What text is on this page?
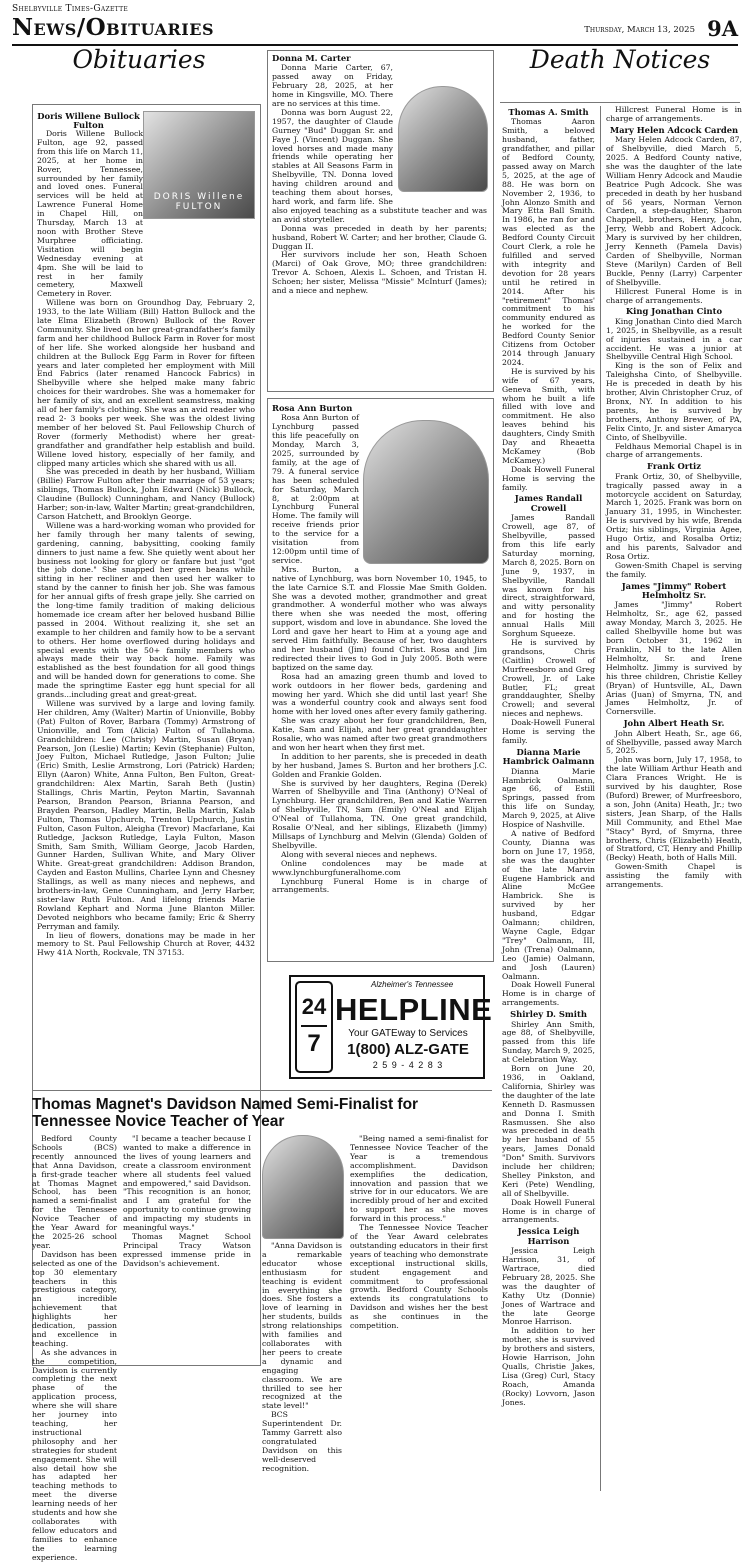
Shelbyville Times-Gazette
News/Obituaries	Thursday, March 13, 2025 9A
Obituaries
DORIS Willene FULTON
Doris Willene Bullock Fulton

Doris Willene Bullock Fulton, age 92, passed from this life on March 11, 2025, at her home in Rover, Tennessee, surrounded by her family and loved ones. Funeral services will be held at Lawrence Funeral Home in Chapel Hill, on Thursday, March 13 at noon with Brother Steve Murphree officiating. Visitation will begin Wednesday evening at 4pm. She will be laid to rest in her family cemetery, Maxwell Cemetery in Rover.

Willene was born on Groundhog Day, February 2, 1933, to the late William (Bill) Hatton Bullock and the late Elma Elizabeth (Brown) Bullock of the Rover Community. She lived on her great-grandfather's family farm and her childhood Bullock Farm in Rover for most of her life. She worked alongside her husband and children at the Bullock Egg Farm in Rover for fifteen years and later completed her employment with Mill End Fabrics (later renamed Hancock Fabrics) in Shelbyville where she helped make many fabric choices for their wardrobes. She was a homemaker for her family of six, and an excellent seamstress, making all of her family's clothing. She was an avid reader who read 2- 3 books per week. She was the oldest living member of her beloved St. Paul Fellowship Church of Rover (formerly Methodist) where her great-grandfather and grandfather help establish and build. Willene loved history, especially of her family, and clipped many articles which she shared with us all.

She was preceded in death by her husband, William (Billie) Farrow Fulton after their marriage of 53 years; siblings, Thomas Bullock, John Edward (Nick) Bullock, Claudine (Bullock) Cunningham, and Nancy (Bullock) Harber; son-in-law, Walter Martin; great-grandchildren, Carson Hatchett, and Brooklyn George.

Willene was a hard-working woman who provided for her family through her many talents of sewing, gardening, canning, babysitting, cooking family dinners to just name a few. She quietly went about her business not looking for glory or fanfare but just "got the job done." She snapped her green beans while sitting in her recliner and then used her walker to stand by the canner to finish her job. She was famous for her annual gifts of fresh grape jelly. She carried on the long-time family tradition of making delicious homemade ice cream after her beloved husband Billie passed in 2004. Without realizing it, she set an example to her children and family how to be a servant to others. Her home overflowed during holidays and special events with the 50+ family members who always made their way back home. Family was established as the best foundation for all good things and will be handed down for generations to come. She made the springtime Easter egg hunt special for all grands...including great and great-great.

Willene was survived by a large and loving family. Her children, Amy (Walter) Martin of Unionville, Bobby (Pat) Fulton of Rover, Barbara (Tommy) Armstrong of Unionville, and Tom (Alicia) Fulton of Tullahoma. Grandchildren: Lee (Christy) Martin, Susan (Bryan) Pearson, Jon (Leslie) Martin; Kevin (Stephanie) Fulton, Joey Fulton, Michael Rutledge, Jason Fulton; Julie (Eric) Smith, Leslie Armstrong, Lori (Patrick) Harden; Ellyn (Aaron) White, Anna Fulton, Ben Fulton, Great-grandchildren: Alex Martin, Sarah Beth (Justin) Stallings, Chris Martin, Peyton Martin, Savannah Pearson, Brandon Pearson, Brianna Pearson, and Brayden Pearson, Hadley Martin, Bella Martin, Kalab Fulton, Thomas Upchurch, Trenton Upchurch, Justin Fulton, Cason Fulton, Aleigha (Trevor) Macfarlane, Kai Rutledge, Jackson Rutledge, Layla Fulton, Mason Smith, Sam Smith, William George, Jacob Harden, Gunner Harden, Sullivan White, and Mary Oliver White. Great-great grandchildren: Addison Brandon, Cayden and Easton Mullins, Charlee Lynn and Chesney Stallings, as well as many nieces and nephews, and brothers-in-law, Gene Cunningham, and Jerry Harber, sister-law Ruth Fulton. And lifelong friends Marie Rowland Kephart and Norma June Blanton Miller. Devoted neighbors who became family; Eric & Sherry Perryman and family.

In lieu of flowers, donations may be made in her memory to St. Paul Fellowship Church at Rover, 4432 Hwy 41A North, Rockvale, TN 37153.

Donna M. Carter

Donna Marie Carter, 67, passed away on Friday, February 28, 2025, at her home in Kingsville, MO. There are no services at this time.

Donna was born August 22, 1957, the daughter of Claude Gurney "Bud" Duggan Sr. and Faye J. (Vincent) Duggan. She loved horses and made many friends while operating her stables at All Seasons Farm in Shelbyville, TN. Donna loved having children around and teaching them about horses, hard work, and farm life. She also enjoyed teaching as a substitute teacher and was an avid storyteller.

Donna was preceded in death by her parents; husband, Robert W. Carter; and her brother, Claude G. Duggan II.

Her survivors include her son, Heath Schoen (Marci) of Oak Grove, MO; three grandchildren: Trevor A. Schoen, Alexis L. Schoen, and Tristan H. Schoen; her sister, Melissa "Missie" McInturf (James); and a niece and nephew.

Rosa Ann Burton

Rosa Ann Burton of Lynchburg passed this life peacefully on Monday, March 3, 2025, surrounded by family, at the age of 79. A funeral service has been scheduled for Saturday, March 8, at 2:00pm at Lynchburg Funeral Home. The family will receive friends prior to the service for a visitation from 12:00pm until time of service.

Mrs. Burton, a native of Lynchburg, was born November 10, 1945, to the late Carnice S.T. and Flossie Mae Smith Golden. She was a devoted mother, grandmother and great grandmother. A wonderful mother who was always there when she was needed the most, offering support, wisdom and love in abundance. She loved the Lord and gave her heart to Him at a young age and served Him faithfully. Because of her, two daughters and her husband (Jim) found Christ. Rosa and Jim redirected their lives to God in July 2005. Both were baptized on the same day.

Rosa had an amazing green thumb and loved to work outdoors in her flower beds, gardening and mowing her yard. Which she did until last year! She was a wonderful country cook and always sent food home with her loved ones after every family gathering.

She was crazy about her four grandchildren, Ben, Katie, Sam and Elijah, and her great granddaughter Rosalie, who was named after two great grandmothers and won her heart when they first met.

In addition to her parents, she is preceded in death by her husband, James S. Burton and her brothers J.C. Golden and Frankie Golden.

She is survived by her daughters, Regina (Derek) Warren of Shelbyville and Tina (Anthony) O'Neal of Lynchburg. Her grandchildren, Ben and Katie Warren of Shelbyville, TN, Sam (Emily) O'Neal and Elijah O'Neal of Tullahoma, TN. One great grandchild, Rosalie O'Neal, and her siblings, Elizabeth (Jimmy) Millsaps of Lynchburg and Melvin (Glenda) Golden of Shelbyville.

Along with several nieces and nephews.

Online condolences may be made at www.lynchburgfuneralhome.com

Lynchburg Funeral Home is in charge of arrangements.

24
7
Alzheimer's Tennessee
HELPLINE
Your GATEway to Services
1(800) ALZ-GATE
2 5 9 - 4 2 8 3
Thomas Magnet's Davidson Named Semi-Finalist for Tennessee Novice Teacher of Year

Bedford County Schools (BCS) recently announced that Anna Davidson, a first-grade teacher at Thomas Magnet School, has been named a semi-finalist for the Tennessee Novice Teacher of the Year Award for the 2025-26 school year.

Davidson has been selected as one of the top 30 elementary teachers in this prestigious category, an incredible achievement that highlights her dedication, passion and excellence in teaching.

As she advances in the competition, Davidson is currently completing the next phase of the application process, where she will share her journey into teaching, her instructional philosophy and her strategies for student engagement. She will also detail how she has adapted her teaching methods to meet the diverse learning needs of her students and how she collaborates with fellow educators and families to enhance the learning experience.

"I became a teacher because I wanted to make a difference in the lives of young learners and create a classroom environment where all students feel valued and empowered," said Davidson. "This recognition is an honor, and I am grateful for the opportunity to continue growing and impacting my students in meaningful ways."

Thomas Magnet School Principal Tracy Watson expressed immense pride in Davidson's achievement.

"Anna Davidson is a remarkable educator whose enthusiasm for teaching is evident in everything she does. She fosters a love of learning in her students, builds strong relationships with families and collaborates with her peers to create a dynamic and engaging classroom. We are thrilled to see her recognized at the state level!"

BCS Superintendent Dr. Tammy Garrett also congratulated Davidson on this well-deserved recognition.

"Being named a semi-finalist for Tennessee Novice Teacher of the Year is a tremendous accomplishment. Davidson exemplifies the dedication, innovation and passion that we strive for in our educators. We are incredibly proud of her and excited to support her as she moves forward in this process."

The Tennessee Novice Teacher of the Year Award celebrates outstanding educators in their first years of teaching who demonstrate exceptional instructional skills, student engagement and commitment to professional growth. Bedford County Schools extends its congratulations to Davidson and wishes her the best as she continues in the competition.

Death Notices
Thomas A. Smith

Thomas Aaron Smith, a beloved husband, father, grandfather, and pillar of Bedford County, passed away on March 5, 2025, at the age of 88. He was born on November 2, 1936, to John Alonzo Smith and Mary Etta Ball Smith. In 1986, he ran for and was elected as the Bedford County Circuit Court Clerk, a role he fulfilled and served with integrity and devotion for 28 years until he retired in 2014. After his "retirement" Thomas' commitment to his community endured as he worked for the Bedford County Senior Citizens from October 2014 through January 2024.

He is survived by his wife of 67 years, Geneva Smith, with whom he built a life filled with love and commitment. He also leaves behind his daughters, Cindy Smith Day and Rheaetta McKamey (Bob McKamey.)

Doak Howell Funeral Home is serving the family.

James Randall Crowell

James Randall Crowell, age 87, of Shelbyville, passed from this life early Saturday morning, March 8, 2025. Born on June 9, 1937, in Shelbyville, Randall was known for his direct, straightforward, and witty personality and for hosting the annual Halls Mill Sorghum Squeeze.

He is survived by grandsons, Chris (Caitlin) Crowell of Murfreesboro and Greg Crowell, Jr. of Lake Butler, FL; great granddaughter, Shelby Crowell; and several nieces and nephews.

Doak-Howell Funeral Home is serving the family.

Dianna Marie Hambrick Oalmann

Dianna Marie Hambrick Oalmann, age 66, of Estill Springs, passed from this life on Sunday, March 9, 2025, at Alive Hospice of Nashville.

A native of Bedford County, Dianna was born on June 17, 1958, she was the daughter of the late Marvin Eugene Hambrick and Aline McGee Hambrick. She is survived by her husband, Edgar Oalmann; children, Wayne Cagle, Edgar "Trey" Oalmann, III, John (Trena) Oalmann, Leo (Jamie) Oalmann, and Josh (Lauren) Oalmann.

Doak Howell Funeral Home is in charge of arrangements.

Shirley D. Smith

Shirley Ann Smith, age 88, of Shelbyville, passed from this life Sunday, March 9, 2025, at Celebration Way.

Born on June 20, 1936, in Oakland, California, Shirley was the daughter of the late Kenneth D. Rasmussen and Donna I. Smith Rasmussen. She also was preceded in death by her husband of 55 years, James Donald "Don" Smith. Survivors include her children; Shelley Pinkston, and Keri (Pete) Wendling, all of Shelbyville.

Doak Howell Funeral Home is in charge of arrangements.

Jessica Leigh Harrison

Jessica Leigh Harrison, 31, of Wartrace, died February 28, 2025. She was the daughter of Kathy Utz (Donnie) Jones of Wartrace and the late George Monroe Harrison.

In addition to her mother, she is survived by brothers and sisters, Howie Harrison, John Qualls, Christie Jakes, Lisa (Greg) Curl, Stacy Roach, Amanda (Rocky) Lovvorn, Jason Jones.

Hillcrest Funeral Home is in charge of arrangements.

Mary Helen Adcock Carden

Mary Helen Adcock Carden, 87, of Shelbyville, died March 5, 2025. A Bedford County native, she was the daughter of the late William Henry Adcock and Maudie Beatrice Pugh Adcock. She was preceded in death by her husband of 56 years, Norman Vernon Carden, a step-daughter, Sharon Chappell, brothers, Henry, John, Jerry, Webb and Robert Adcock. Mary is survived by her children, Jerry Kenneth (Pamela Davis) Carden of Shelbyville, Norman Steve (Marilyn) Carden of Bell Buckle, Penny (Larry) Carpenter of Shelbyville.

Hillcrest Funeral Home is in charge of arrangements.

King Jonathan Cinto

King Jonathan Cinto died March 1, 2025, in Shelbyville, as a result of injuries sustained in a car accident. He was a junior at Shelbyville Central High School.

King is the son of Felix and Taleighsha Cinto, of Shelbyville. He is preceded in death by his brother, Alvin Christopher Cruz, of Bronx, NY. In addition to his parents, he is survived by brothers, Anthony Brewer, of PA, Felix Cinto, Jr. and sister Amaryca Cinto, of Shelbyville.

Feldhaus Memorial Chapel is in charge of arrangements.

Frank Ortiz

Frank Ortiz, 30, of Shelbyville, tragically passed away in a motorcycle accident on Saturday, March 1, 2025. Frank was born on January 31, 1995, in Winchester. He is survived by his wife, Brenda Ortiz; his siblings, Virginia Agee, Hugo Ortiz, and Rosalba Ortiz; and his parents, Salvador and Rosa Ortiz.

Gowen-Smith Chapel is serving the family.

James "Jimmy" Robert Helmholtz Sr.

James "Jimmy" Robert Helmholtz, Sr., age 62, passed away Monday, March 3, 2025. He called Shelbyville home but was born October 31, 1962 in Franklin, NH to the late Allen Helmholtz, Sr. and Irene Helmholtz. Jimmy is survived by his three children, Christie Kelley (Bryan) of Huntsville, AL, Dawn Arias (Juan) of Smyrna, TN, and James Helmholtz, Jr. of Cornersville.

John Albert Heath Sr.

John Albert Heath, Sr., age 66, of Shelbyville, passed away March 5, 2025.

John was born, July 17, 1958, to the late William Arthur Heath and Clara Frances Wright. He is survived by his daughter, Rose (Buford) Brewer, of Murfreesboro, a son, John (Anita) Heath, Jr.; two sisters, Jean Sharp, of the Halls Mill Community, and Ethel Mae "Stacy" Byrd, of Smyrna, three brothers, Chris (Elizabeth) Heath, of Stratford, CT, Henry and Phillip (Becky) Heath, both of Halls Mill.

Gowen-Smith Chapel is assisting the family with arrangements.
